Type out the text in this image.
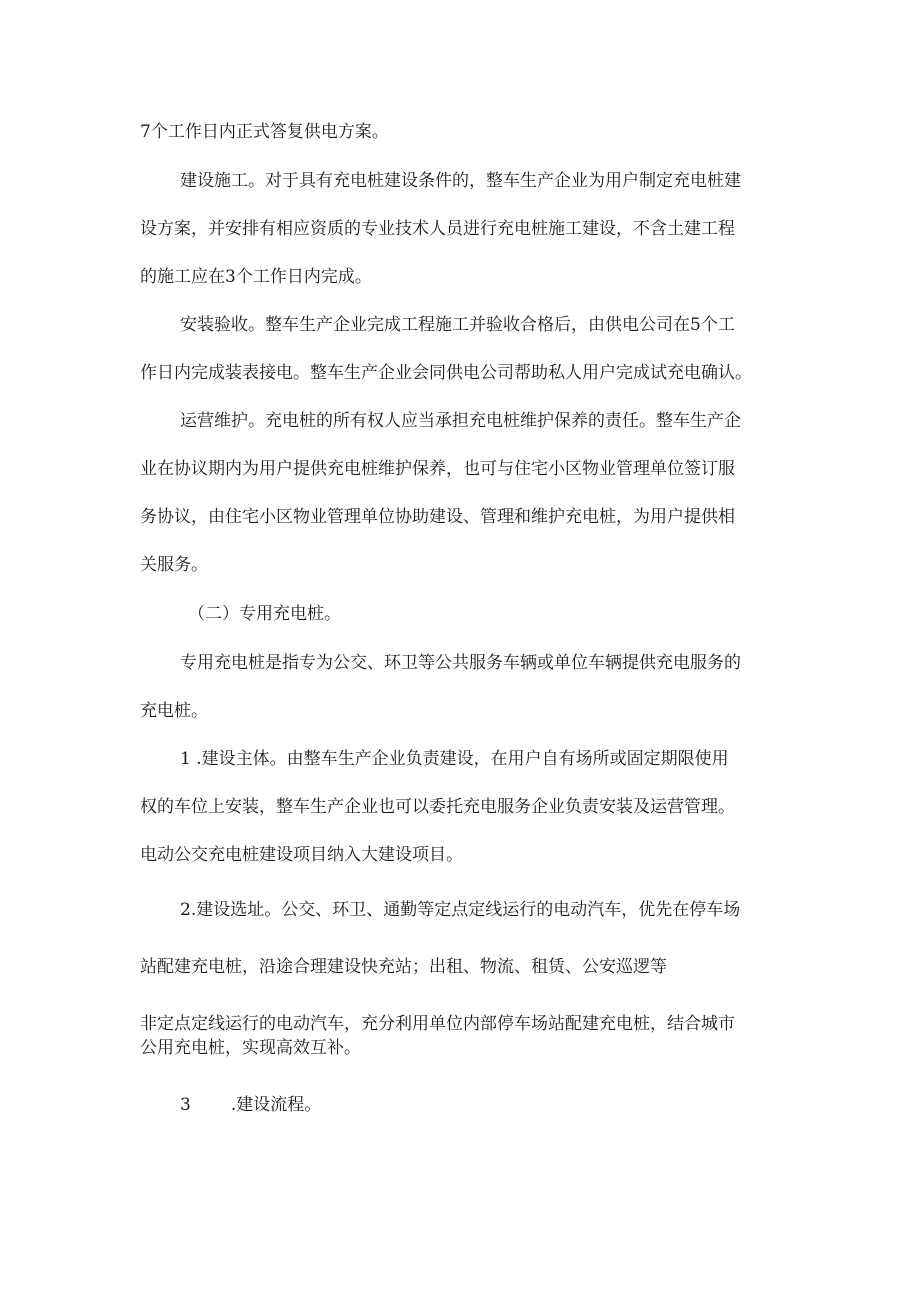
7个工作日内正式答复供电方案。

建设施工。对于具有充电桩建设条件的，整车生产企业为用户制定充电桩建

设方案，并安排有相应资质的专业技术人员进行充电桩施工建设，不含土建工程

的施工应在3个工作日内完成。

安装验收。整车生产企业完成工程施工并验收合格后，由供电公司在5个工

作日内完成装表接电。整车生产企业会同供电公司帮助私人用户完成试充电确认。

运营维护。充电桩的所有权人应当承担充电桩维护保养的责任。整车生产企

业在协议期内为用户提供充电桩维护保养，也可与住宅小区物业管理单位签订服

务协议，由住宅小区物业管理单位协助建设、管理和维护充电桩，为用户提供相

关服务。

（二）专用充电桩。

专用充电桩是指专为公交、环卫等公共服务车辆或单位车辆提供充电服务的

充电桩。

1 .建设主体。由整车生产企业负责建设，在用户自有场所或固定期限使用

权的车位上安装，整车生产企业也可以委托充电服务企业负责安装及运营管理。

电动公交充电桩建设项目纳入大建设项目。

2.建设选址。公交、环卫、通勤等定点定线运行的电动汽车，优先在停车场

站配建充电桩，沿途合理建设快充站；出租、物流、租赁、公安巡逻等

非定点定线运行的电动汽车，充分利用单位内部停车场站配建充电桩，结合城市

公用充电桩，实现高效互补。

3 .建设流程。
